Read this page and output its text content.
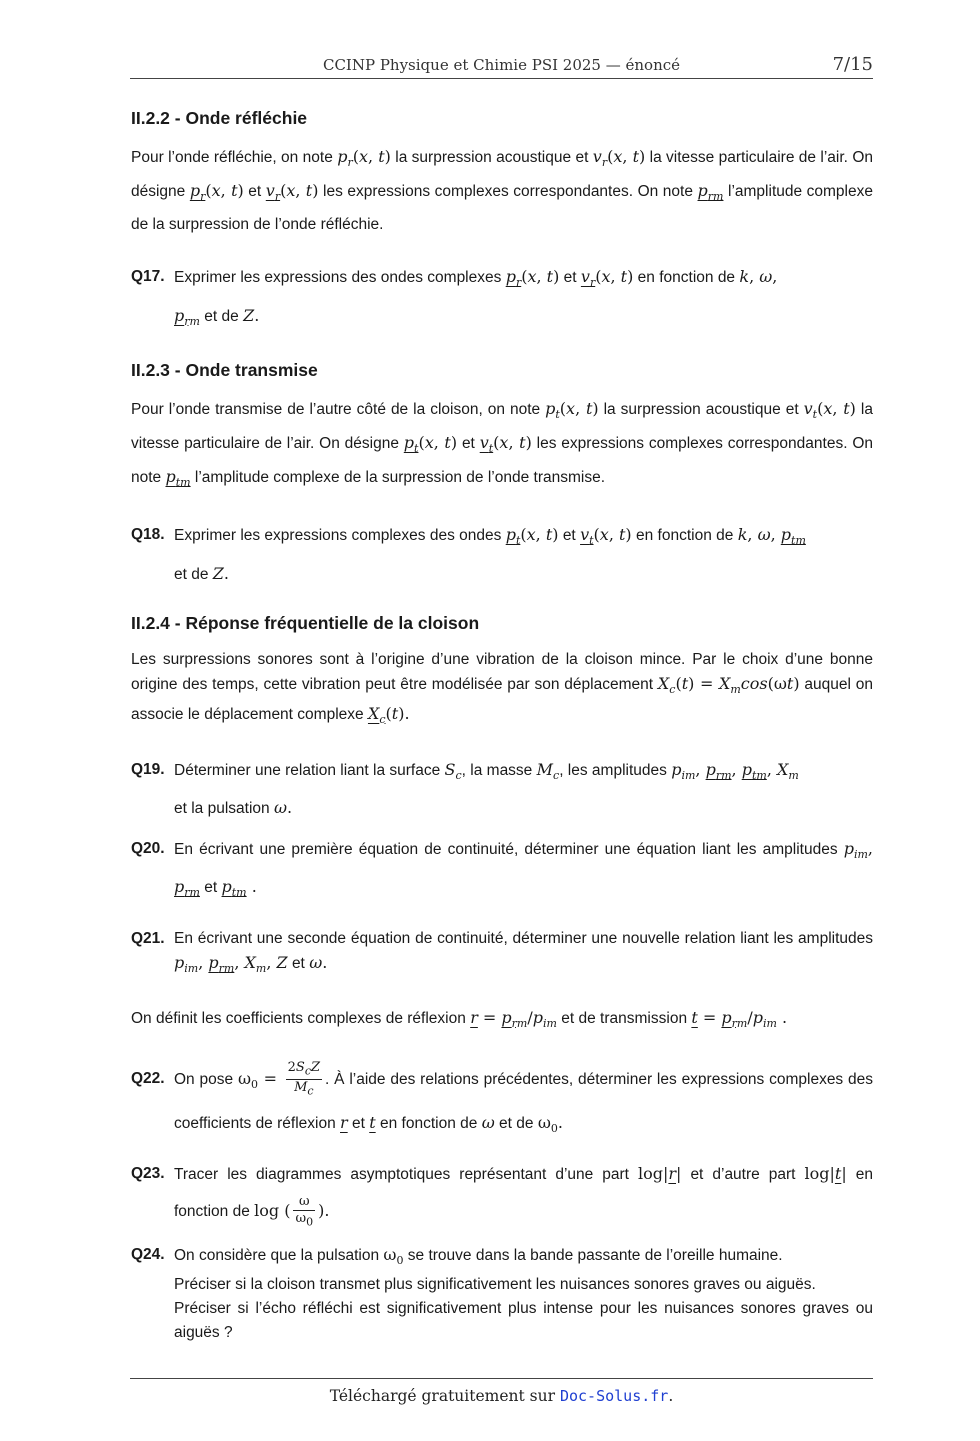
CCINP Physique et Chimie PSI 2025 — énoncé	7/15
II.2.2 - Onde réfléchie

Pour l’onde réfléchie, on note $p_r(x$, t) la surpression acoustique et $v_r(x$, t) la vitesse particulaire de l’air. On désigne $p_r(x$, t) et $v_r(x$, t) les expressions complexes correspondantes. On note $p_{rm}$ l’amplitude complexe de la surpression de l’onde réfléchie.

Q17. Exprimer les expressions des ondes complexes $p_r(x$, t) et $v_r(x$, t) en fonction de k, ω,
$p_{rm}$ et de Z.
II.2.3 - Onde transmise

Pour l’onde transmise de l’autre côté de la cloison, on note $p_t(x$, t) la surpression acoustique et $v_t(x$, t) la vitesse particulaire de l’air. On désigne $p_t(x$, t) et $v_t(x$, t) les expressions complexes correspondantes. On note $p_{tm}$ l’amplitude complexe de la surpression de l’onde transmise.

Q18. Exprimer les expressions complexes des ondes $p_t(x$, t) et $v_t(x$, t) en fonction de k, ω, $p_{tm}$
et de Z.
II.2.4 - Réponse fréquentielle de la cloison

Les surpressions sonores sont à l’origine d’une vibration de la cloison mince. Par le choix d’une bonne origine des temps, cette vibration peut être modélisée par son déplacement $X_c(t) = X_m\cos(\omega t)$ auquel on associe le déplacement complexe $X_c(t)$.

Q19. Déterminer une relation liant la surface $S_c$, la masse $M_c$, les amplitudes $p_{im}$, $p_{rm}$, $p_{tm}$, $X_m$
et la pulsation ω.
Q20. En écrivant une première équation de continuité, déterminer une équation liant les amplitudes $p_{im}$, $p_{rm}$ et $p_{tm}$ .
Q21. En écrivant une seconde équation de continuité, déterminer une nouvelle relation liant les amplitudes $p_{im}$, $p_{rm}$, $X_m$, Z et ω.

On définit les coefficients complexes de réflexion $r = p_{rm}/p_{im}$ et de transmission $t = p_{rm}/p_{im}$ .

Q22. On pose $\omega_0 = \frac{2S_cZ}{M_c}$ . À l’aide des relations précédentes, déterminer les expressions complexes des coefficients de réflexion r et t en fonction de ω et de $\omega_0$.
Q23. Tracer les diagrammes asymptotiques représentant d’une part log|r| et d’autre part log|t| en fonction de log ( $\frac{\omega}{\omega_0}$ ).
Q24. On considère que la pulsation $\omega_0$ se trouve dans la bande passante de l’oreille humaine.
Préciser si la cloison transmet plus significativement les nuisances sonores graves ou aiguës.
Préciser si l’écho réfléchi est significativement plus intense pour les nuisances sonores graves ou aiguës ?
Téléchargé gratuitement sur Doc-Solus.fr.
